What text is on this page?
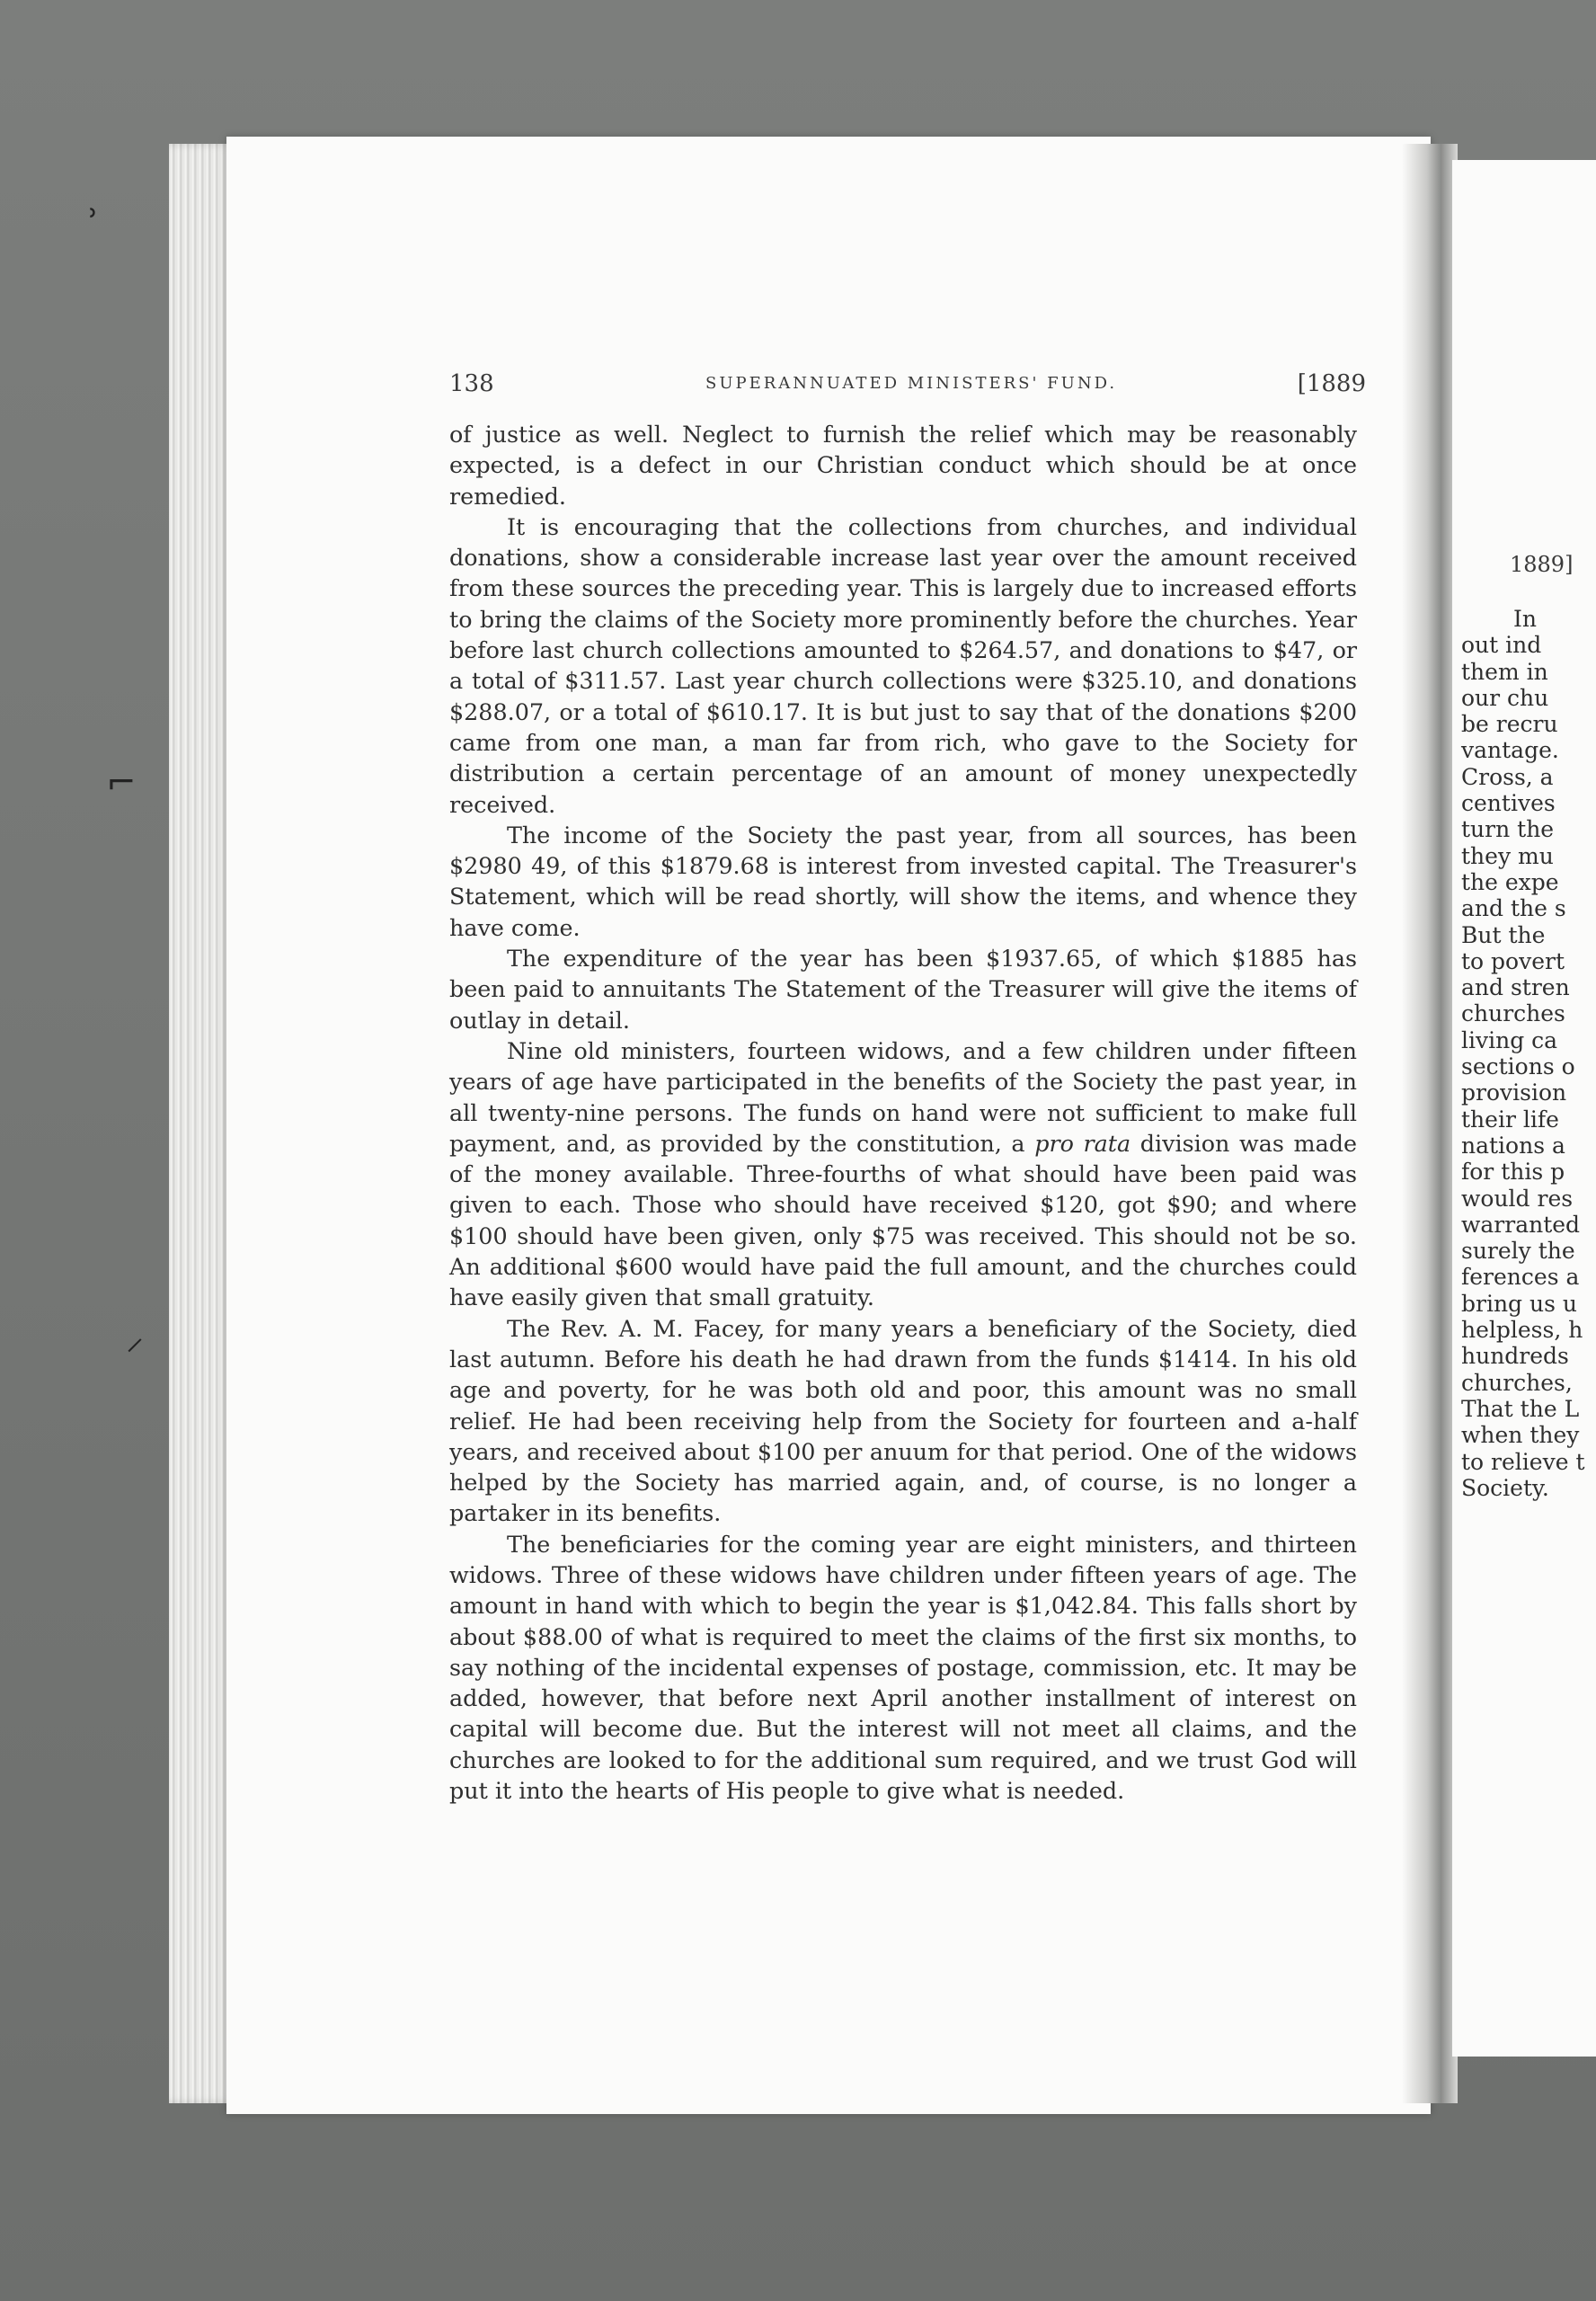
1889]
In
out ind
them in
our chu
be recru
vantage.
Cross, a
centives
turn the
they mu
the expe
and the s
But the
to povert
and stren
churches
living ca
sections o
provision
their life
nations a
for this p
would res
warranted
surely the
ferences a
bring us u
helpless, h
hundreds
churches,
That the L
when they
to relieve t
Society.
˒
⌐
⸝
138	SUPERANNUATED MINISTERS' FUND.	[1889

of justice as well. Neglect to furnish the relief which may be reasonably expected, is a defect in our Christian conduct which should be at once remedied.

It is encouraging that the collections from churches, and individual donations, show a considerable increase last year over the amount received from these sources the preceding year. This is largely due to increased efforts to bring the claims of the Society more prominently before the churches. Year before last church collections amounted to $264.57, and donations to $47, or a total of $311.57. Last year church collections were $325.10, and donations $288.07, or a total of $610.17. It is but just to say that of the donations $200 came from one man, a man far from rich, who gave to the Society for distribution a certain percentage of an amount of money unexpectedly received.

The income of the Society the past year, from all sources, has been $2980 49, of this $1879.68 is interest from invested capital. The Treasurer's Statement, which will be read shortly, will show the items, and whence they have come.

The expenditure of the year has been $1937.65, of which $1885 has been paid to annuitants The Statement of the Treasurer will give the items of outlay in detail.

Nine old ministers, fourteen widows, and a few children under fifteen years of age have participated in the benefits of the Society the past year, in all twenty-nine persons. The funds on hand were not sufficient to make full payment, and, as provided by the constitution, a pro rata division was made of the money available. Three-fourths of what should have been paid was given to each. Those who should have received $120, got $90; and where $100 should have been given, only $75 was received. This should not be so. An additional $600 would have paid the full amount, and the churches could have easily given that small gratuity.

The Rev. A. M. Facey, for many years a beneficiary of the Society, died last autumn. Before his death he had drawn from the funds $1414. In his old age and poverty, for he was both old and poor, this amount was no small relief. He had been receiving help from the Society for fourteen and a-half years, and received about $100 per anuum for that period. One of the widows helped by the Society has married again, and, of course, is no longer a partaker in its benefits.

The beneficiaries for the coming year are eight ministers, and thirteen widows. Three of these widows have children under fifteen years of age. The amount in hand with which to begin the year is $1,042.84. This falls short by about $88.00 of what is required to meet the claims of the first six months, to say nothing of the incidental expenses of postage, commission, etc. It may be added, however, that before next April another installment of interest on capital will become due. But the interest will not meet all claims, and the churches are looked to for the additional sum required, and we trust God will put it into the hearts of His people to give what is needed.
